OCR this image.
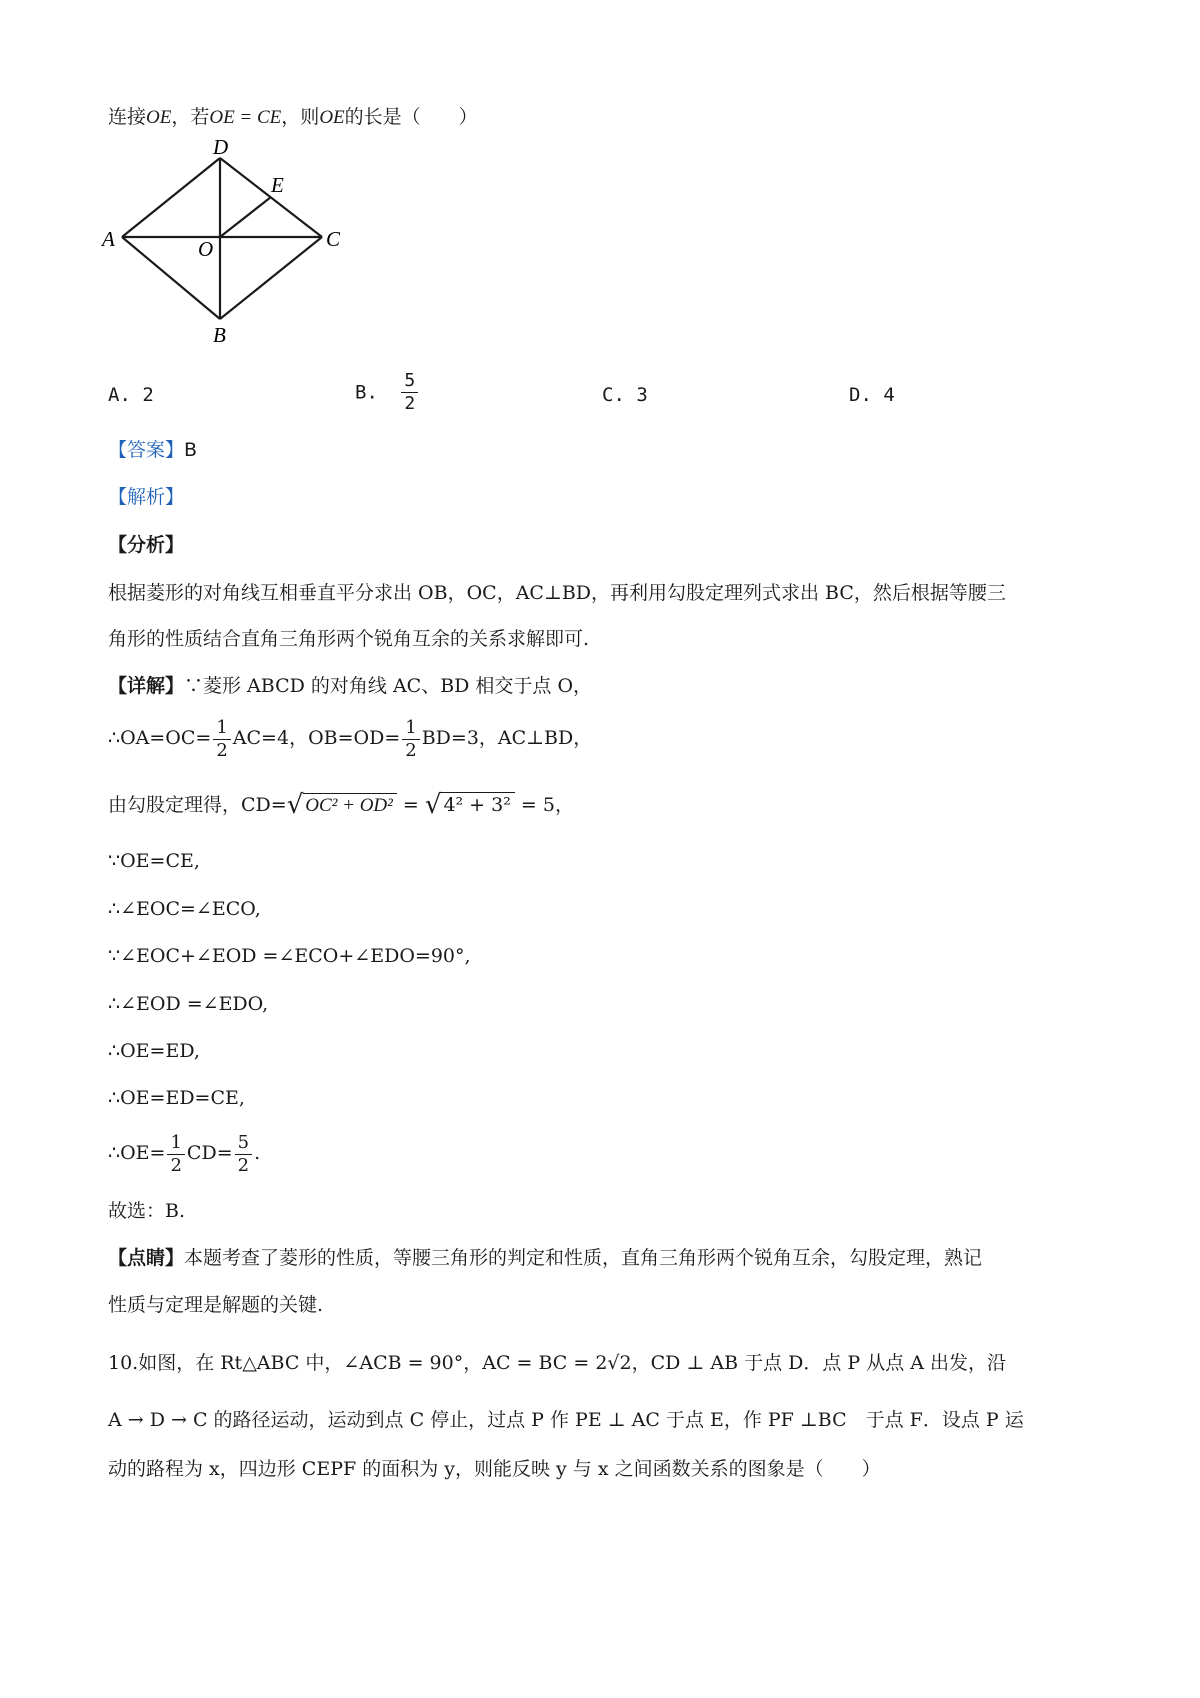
连接OE，若OE = CE，则OE的长是（　　）
A
D
E
C
O
B
A. 2	B. $\frac{5}{2}$	C. 3	D. 4
【答案】B
【解析】
【分析】
根据菱形的对角线互相垂直平分求出 OB，OC，AC⊥BD，再利用勾股定理列式求出 BC，然后根据等腰三
角形的性质结合直角三角形两个锐角互余的关系求解即可.
【详解】∵菱形 ABCD 的对角线 AC、BD 相交于点 O，
∴OA=OC= $\frac{1}{2} AC=4$，$OB=OD= \frac{1}{2} BD=3$，AC⊥BD，
由勾股定理得，CD=√ OC² + OD² = √ 4² + 3² = 5，
∵OE=CE,
∴∠EOC=∠ECO,
∵∠EOC+∠EOD =∠ECO+∠EDO=90°,
∴∠EOD =∠EDO,
∴OE=ED,
∴OE=ED=CE,
∴OE= $\frac{1}{2} CD= \frac{5}{2}$ .
故选：B.
【点睛】本题考查了菱形的性质，等腰三角形的判定和性质，直角三角形两个锐角互余，勾股定理，熟记
性质与定理是解题的关键.
10.如图，在 Rt△ABC 中，∠ACB = 90°，AC = BC = 2√2，CD ⊥ AB 于点 D．点 P 从点 A 出发，沿
A → D → C 的路径运动，运动到点 C 停止，过点 P 作 PE ⊥ AC 于点 E，作 PF ⊥BC　于点 F．设点 P 运
动的路程为 x，四边形 CEPF 的面积为 y，则能反映 y 与 x 之间函数关系的图象是（　　）
